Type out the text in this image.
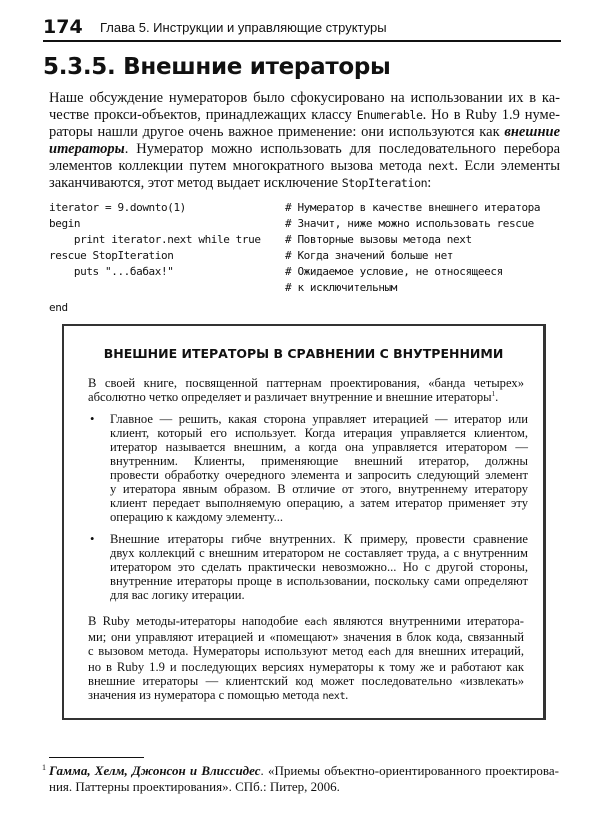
174 Глава 5. Инструкции и управляющие структуры
5.3.5. Внешние итераторы
Наше обсуждение нумераторов было сфокусировано на использовании их в ка-
честве прокси-объектов, принадлежащих классу Enumerable. Но в Ruby 1.9 нуме-
раторы нашли другое очень важное применение: они используются как внешние
итераторы. Нумератор можно использовать для последовательного перебора
элементов коллекции путем многократного вызова метода next. Если элементы
заканчиваются, этот метод выдает исключение StopIteration:
iterator = 9.downto(1)	# Нумератор в качестве внешнего итератора
begin	# Значит, ниже можно использовать rescue
print iterator.next while true	# Повторные вызовы метода next
rescue StopIteration	# Когда значений больше нет
puts "...бабах!"	# Ожидаемое условие, не относящееся
# к исключительным
end
ВНЕШНИЕ ИТЕРАТОРЫ В СРАВНЕНИИ С ВНУТРЕННИМИ
В своей книге, посвященной паттернам проектирования, «банда четырех»
абсолютно четко определяет и различает внутренние и внешние итераторы$^1$.
• Главное — решить, какая сторона управляет итерацией — итератор или
клиент, который его использует. Когда итерация управляется клиентом,
итератор называется внешним, а когда она управляется итератором —
внутренним. Клиенты, применяющие внешний итератор, должны
провести обработку очередного элемента и запросить следующий элемент
у итератора явным образом. В отличие от этого, внутреннему итератору
клиент передает выполняемую операцию, а затем итератор применяет эту
операцию к каждому элементу...
• Внешние итераторы гибче внутренних. К примеру, провести сравнение
двух коллекций с внешним итератором не составляет труда, а с внутренним
итератором это сделать практически невозможно... Но с другой стороны,
внутренние итераторы проще в использовании, поскольку сами определяют
для вас логику итерации.
В Ruby методы-итераторы наподобие each являются внутренними итератора-
ми; они управляют итерацией и «помещают» значения в блок кода, связанный
с вызовом метода. Нумераторы используют метод each для внешних итераций,
но в Ruby 1.9 и последующих версиях нумераторы к тому же и работают как
внешние итераторы — клиентский код может последовательно «извлекать»
значения из нумератора с помощью метода next.
1 Гамма, Хелм, Джонсон и Влиссидес. «Приемы объектно-ориентированного проектирова-
ния. Паттерны проектирования». СПб.: Питер, 2006.
